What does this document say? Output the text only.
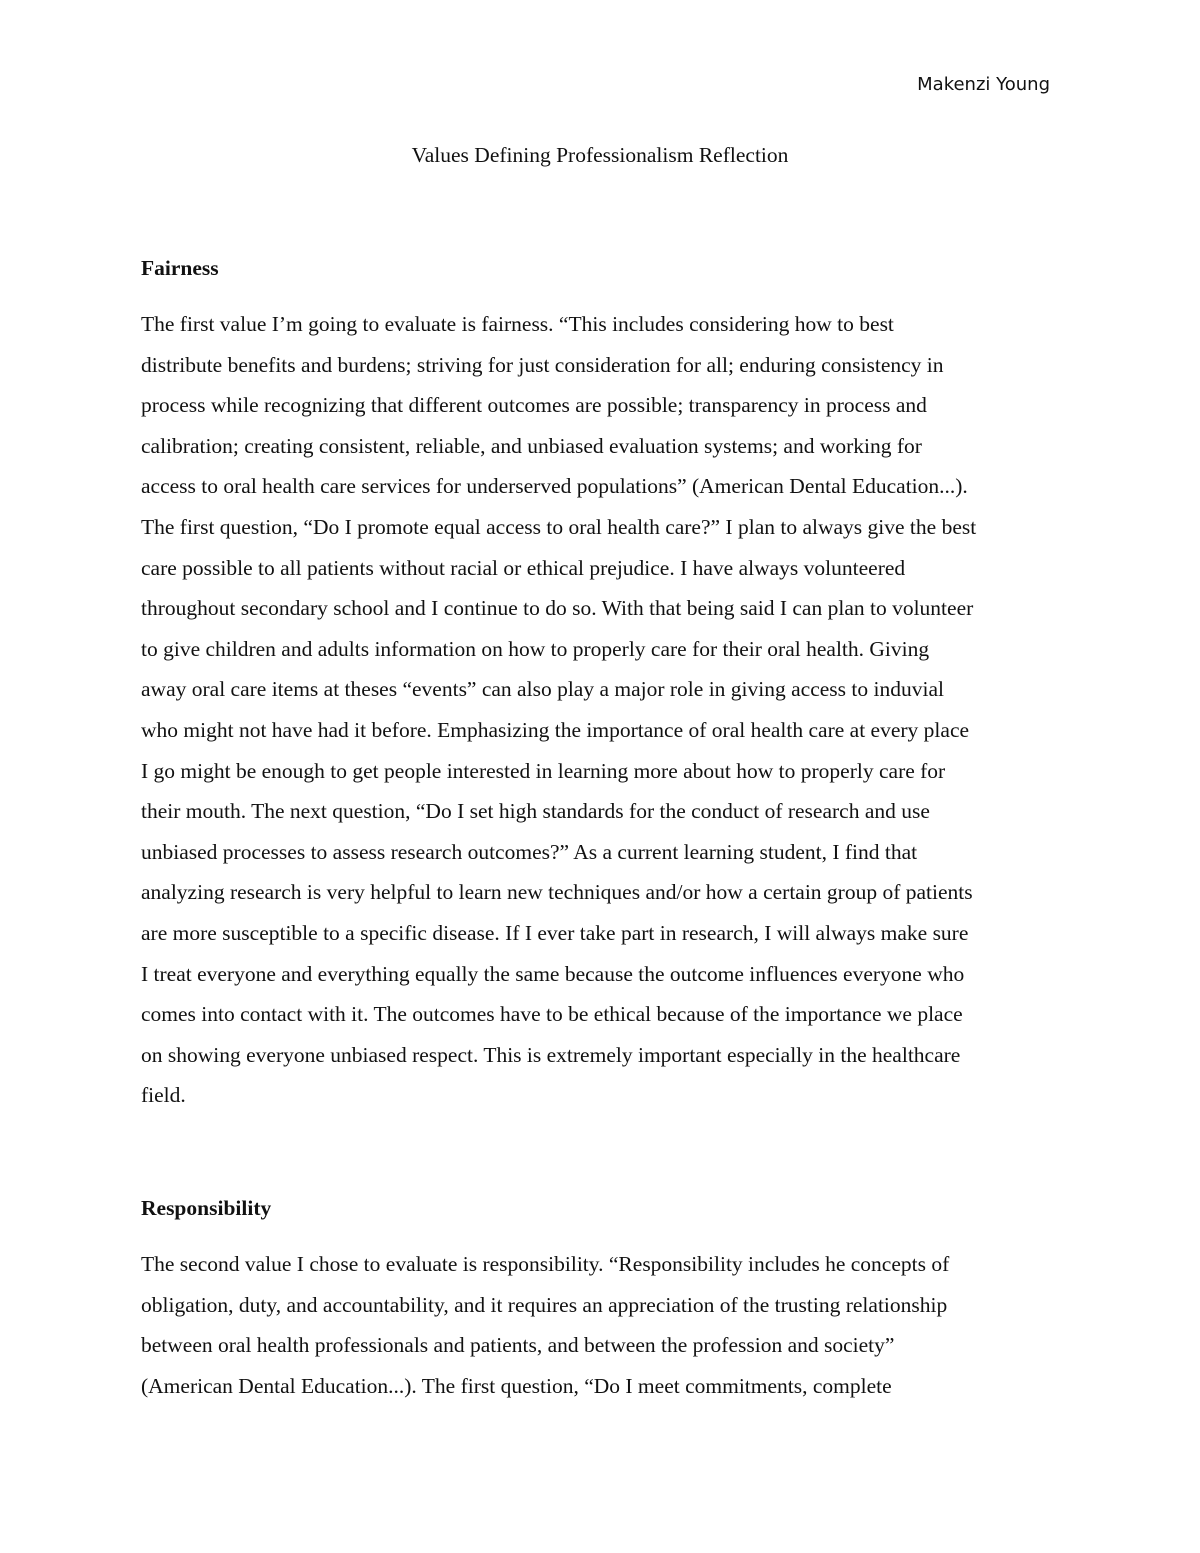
Makenzi Young
Values Defining Professionalism Reflection
Fairness
The first value I’m going to evaluate is fairness. “This includes considering how to best
distribute benefits and burdens; striving for just consideration for all; enduring consistency in
process while recognizing that different outcomes are possible; transparency in process and
calibration; creating consistent, reliable, and unbiased evaluation systems; and working for
access to oral health care services for underserved populations” (American Dental Education...).
The first question, “Do I promote equal access to oral health care?” I plan to always give the best
care possible to all patients without racial or ethical prejudice. I have always volunteered
throughout secondary school and I continue to do so. With that being said I can plan to volunteer
to give children and adults information on how to properly care for their oral health. Giving
away oral care items at theses “events” can also play a major role in giving access to induvial
who might not have had it before. Emphasizing the importance of oral health care at every place
I go might be enough to get people interested in learning more about how to properly care for
their mouth. The next question, “Do I set high standards for the conduct of research and use
unbiased processes to assess research outcomes?” As a current learning student, I find that
analyzing research is very helpful to learn new techniques and/or how a certain group of patients
are more susceptible to a specific disease. If I ever take part in research, I will always make sure
I treat everyone and everything equally the same because the outcome influences everyone who
comes into contact with it. The outcomes have to be ethical because of the importance we place
on showing everyone unbiased respect. This is extremely important especially in the healthcare
field.
Responsibility
The second value I chose to evaluate is responsibility. “Responsibility includes he concepts of
obligation, duty, and accountability, and it requires an appreciation of the trusting relationship
between oral health professionals and patients, and between the profession and society”
(American Dental Education...). The first question, “Do I meet commitments, complete
